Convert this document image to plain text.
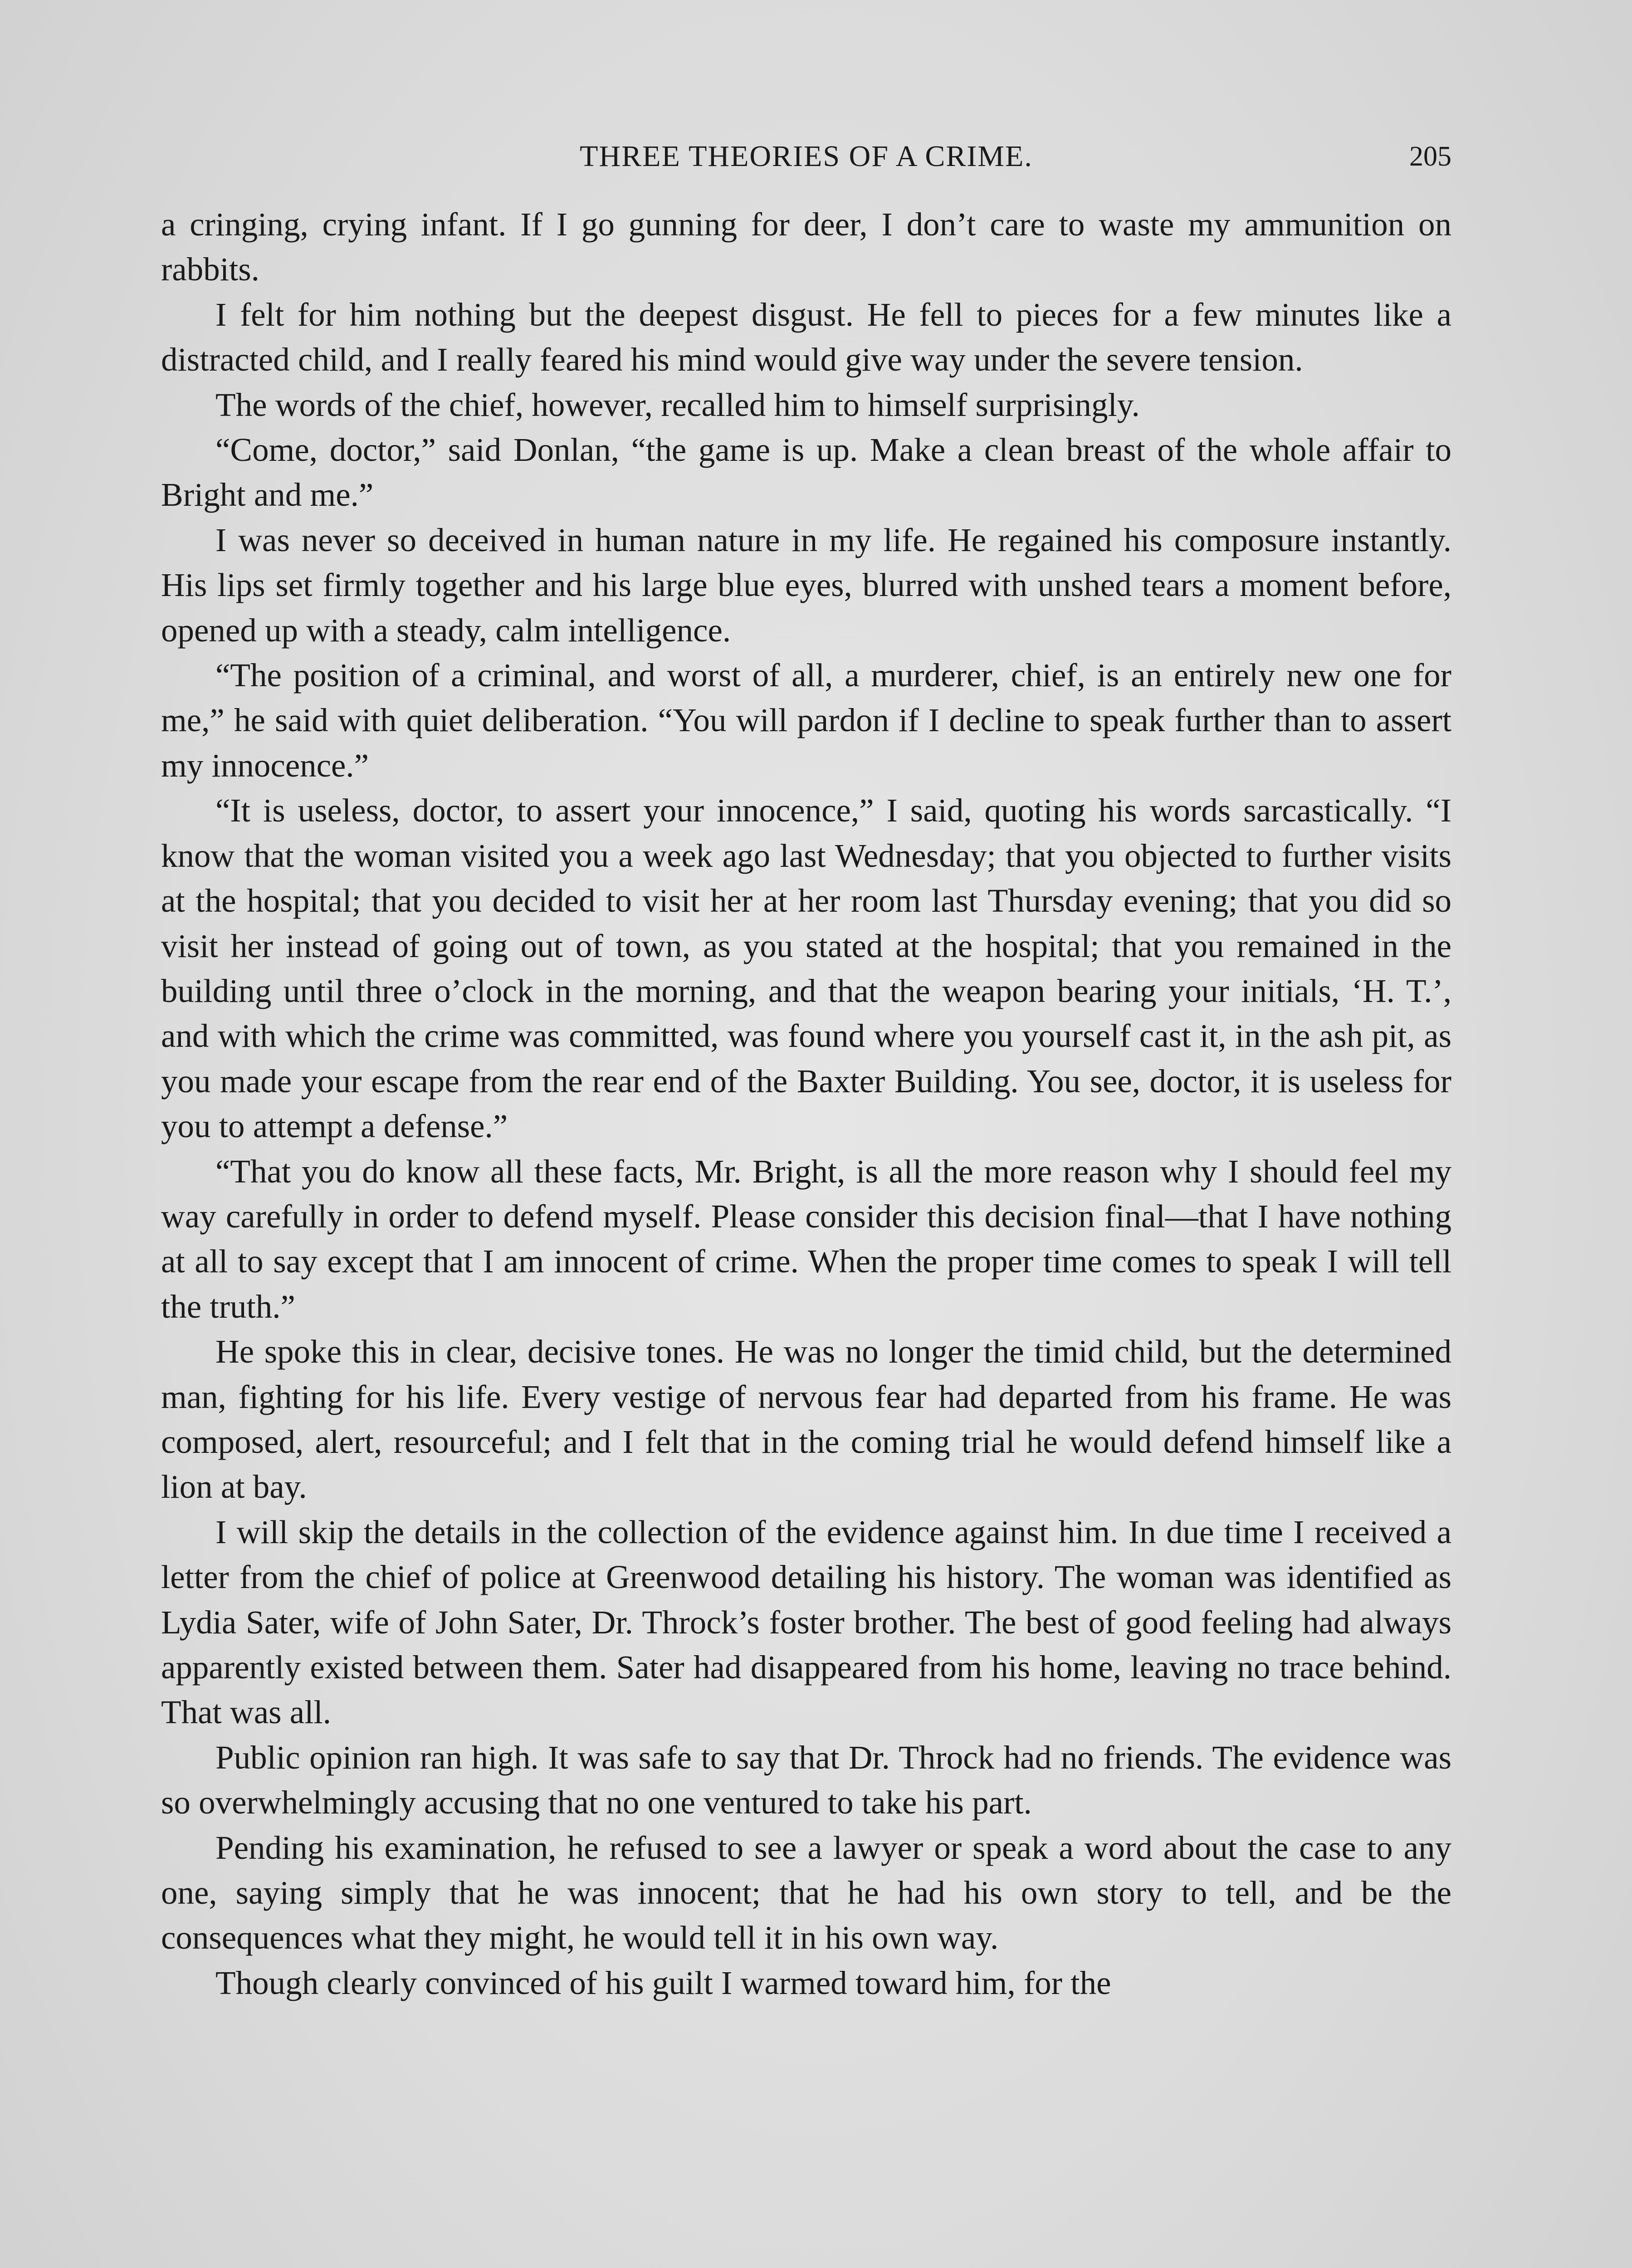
THREE THEORIES OF A CRIME.	205

a cringing, crying infant. If I go gunning for deer, I don’t care to waste my ammunition on rabbits.

I felt for him nothing but the deepest disgust. He fell to pieces for a few minutes like a distracted child, and I really feared his mind would give way under the severe tension.

The words of the chief, however, recalled him to himself surprisingly.

“Come, doctor,” said Donlan, “the game is up. Make a clean breast of the whole affair to Bright and me.”

I was never so deceived in human nature in my life. He regained his composure instantly. His lips set firmly together and his large blue eyes, blurred with unshed tears a moment before, opened up with a steady, calm intelligence.

“The position of a criminal, and worst of all, a murderer, chief, is an entirely new one for me,” he said with quiet deliberation. “You will pardon if I decline to speak further than to assert my innocence.”

“It is useless, doctor, to assert your innocence,” I said, quoting his words sarcastically. “I know that the woman visited you a week ago last Wednesday; that you objected to further visits at the hospital; that you decided to visit her at her room last Thursday evening; that you did so visit her instead of going out of town, as you stated at the hospital; that you remained in the building until three o’clock in the morning, and that the weapon bearing your initials, ‘H. T.’, and with which the crime was committed, was found where you yourself cast it, in the ash pit, as you made your escape from the rear end of the Baxter Building. You see, doctor, it is useless for you to attempt a defense.”

“That you do know all these facts, Mr. Bright, is all the more reason why I should feel my way carefully in order to defend myself. Please consider this decision final—that I have nothing at all to say except that I am innocent of crime. When the proper time comes to speak I will tell the truth.”

He spoke this in clear, decisive tones. He was no longer the timid child, but the determined man, fighting for his life. Every vestige of nervous fear had departed from his frame. He was composed, alert, resourceful; and I felt that in the coming trial he would defend himself like a lion at bay.

I will skip the details in the collection of the evidence against him. In due time I received a letter from the chief of police at Greenwood detailing his history. The woman was identified as Lydia Sater, wife of John Sater, Dr. Throck’s foster brother. The best of good feeling had always apparently existed between them. Sater had disappeared from his home, leaving no trace behind. That was all.

Public opinion ran high. It was safe to say that Dr. Throck had no friends. The evidence was so overwhelmingly accusing that no one ventured to take his part.

Pending his examination, he refused to see a lawyer or speak a word about the case to any one, saying simply that he was innocent; that he had his own story to tell, and be the consequences what they might, he would tell it in his own way.

Though clearly convinced of his guilt I warmed toward him, for the
